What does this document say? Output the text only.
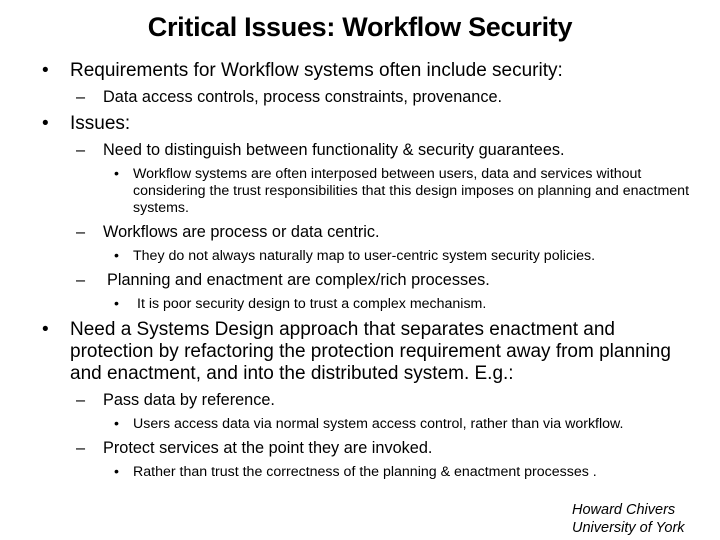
Critical Issues: Workflow Security
• Requirements for Workflow systems often include security:
– Data access controls, process constraints, provenance.
• Issues:
– Need to distinguish between functionality & security guarantees.
• Workflow systems are often interposed between users, data and services without considering the trust responsibilities that this design imposes on planning and enactment systems.
– Workflows are process or data centric.
• They do not always naturally map to user-centric system security policies.
– Planning and enactment are complex/rich processes.
• It is poor security design to trust a complex mechanism.
• Need a Systems Design approach that separates enactment and protection by refactoring the protection requirement away from planning and enactment, and into the distributed system. E.g.:
– Pass data by reference.
• Users access data via normal system access control, rather than via workflow.
– Protect services at the point they are invoked.
• Rather than trust the correctness of the planning & enactment processes .
Howard Chivers
University of York
